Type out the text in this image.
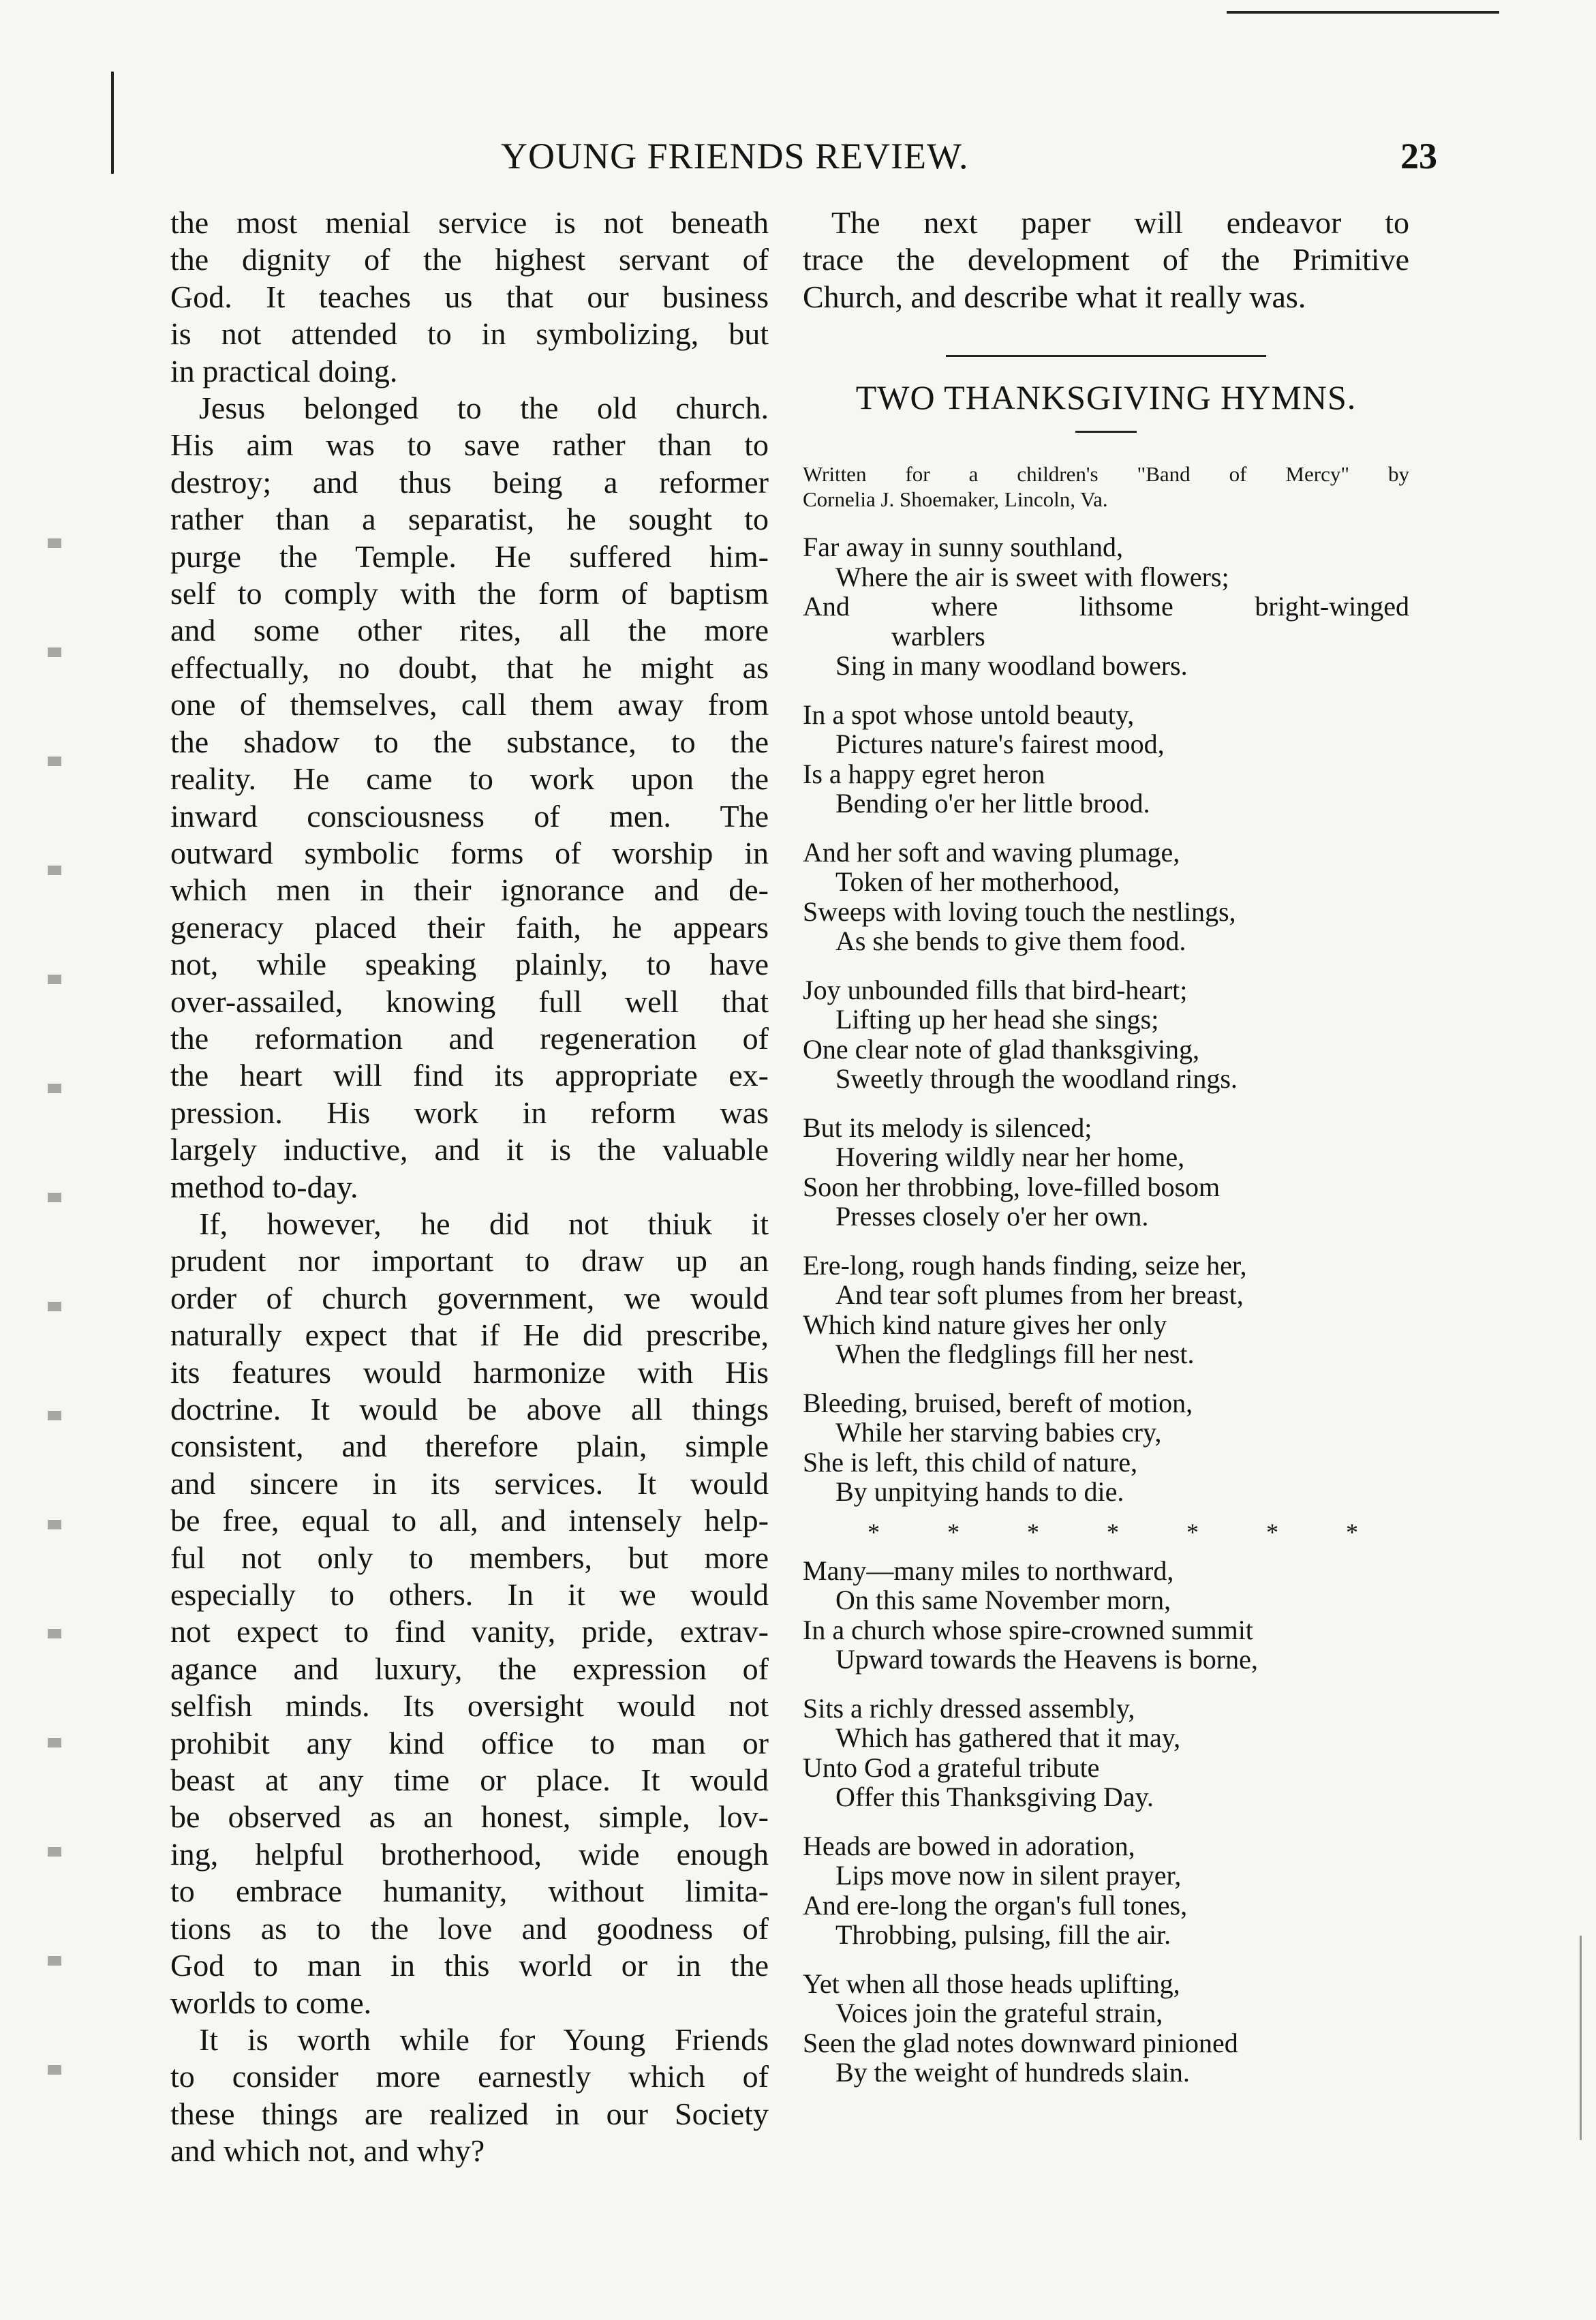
YOUNG FRIENDS REVIEW.	23
the most menial service is not beneath
the dignity of the highest servant of
God. It teaches us that our business
is not attended to in symbolizing, but
in practical doing.
Jesus belonged to the old church.
His aim was to save rather than to
destroy; and thus being a reformer
rather than a separatist, he sought to
purge the Temple. He suffered him-
self to comply with the form of baptism
and some other rites, all the more
effectually, no doubt, that he might as
one of themselves, call them away from
the shadow to the substance, to the
reality. He came to work upon the
inward consciousness of men. The
outward symbolic forms of worship in
which men in their ignorance and de-
generacy placed their faith, he appears
not, while speaking plainly, to have
over-assailed, knowing full well that
the reformation and regeneration of
the heart will find its appropriate ex-
pression. His work in reform was
largely inductive, and it is the valuable
method to-day.
If, however, he did not thiuk it
prudent nor important to draw up an
order of church government, we would
naturally expect that if He did prescribe,
its features would harmonize with His
doctrine. It would be above all things
consistent, and therefore plain, simple
and sincere in its services. It would
be free, equal to all, and intensely help-
ful not only to members, but more
especially to others. In it we would
not expect to find vanity, pride, extrav-
agance and luxury, the expression of
selfish minds. Its oversight would not
prohibit any kind office to man or
beast at any time or place. It would
be observed as an honest, simple, lov-
ing, helpful brotherhood, wide enough
to embrace humanity, without limita-
tions as to the love and goodness of
God to man in this world or in the
worlds to come.
It is worth while for Young Friends
to consider more earnestly which of
these things are realized in our Society
and which not, and why?
The next paper will endeavor to
trace the development of the Primitive
Church, and describe what it really was.
TWO THANKSGIVING HYMNS.
Written for a children's "Band of Mercy" by
Cornelia J. Shoemaker, Lincoln, Va.
Far away in sunny southland,
Where the air is sweet with flowers;
And where lithsome bright-winged
warblers
Sing in many woodland bowers.
In a spot whose untold beauty,
Pictures nature's fairest mood,
Is a happy egret heron
Bending o'er her little brood.
And her soft and waving plumage,
Token of her motherhood,
Sweeps with loving touch the nestlings,
As she bends to give them food.
Joy unbounded fills that bird-heart;
Lifting up her head she sings;
One clear note of glad thanksgiving,
Sweetly through the woodland rings.
But its melody is silenced;
Hovering wildly near her home,
Soon her throbbing, love-filled bosom
Presses closely o'er her own.
Ere-long, rough hands finding, seize her,
And tear soft plumes from her breast,
Which kind nature gives her only
When the fledglings fill her nest.
Bleeding, bruised, bereft of motion,
While her starving babies cry,
She is left, this child of nature,
By unpitying hands to die.
*	*	*	*	*	*	*
Many—many miles to northward,
On this same November morn,
In a church whose spire-crowned summit
Upward towards the Heavens is borne,
Sits a richly dressed assembly,
Which has gathered that it may,
Unto God a grateful tribute
Offer this Thanksgiving Day.
Heads are bowed in adoration,
Lips move now in silent prayer,
And ere-long the organ's full tones,
Throbbing, pulsing, fill the air.
Yet when all those heads uplifting,
Voices join the grateful strain,
Seen the glad notes downward pinioned
By the weight of hundreds slain.
